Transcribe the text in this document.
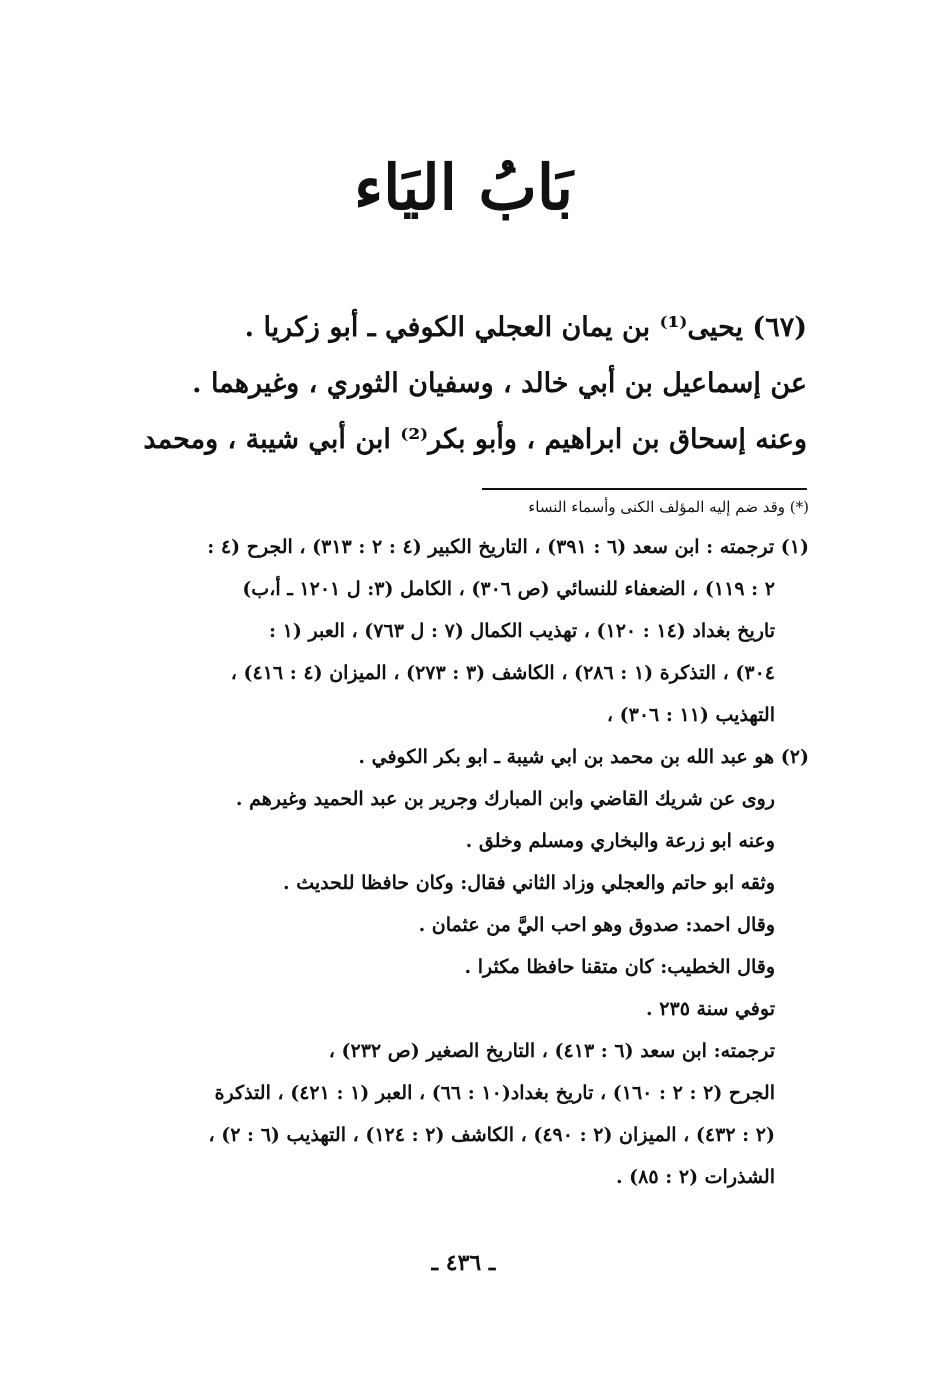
بَابُ اليَاء
(٦٧) يحيى⁽¹⁾ بن يمان العجلي الكوفي ـ أبو زكريا .
عن إسماعيل بن أبي خالد ، وسفيان الثوري ، وغيرهما .
وعنه إسحاق بن ابراهيم ، وأبو بكر⁽²⁾ ابن أبي شيبة ، ومحمد
(*) وقد ضم إليه المؤلف الكنى وأسماء النساء
(١) ترجمته : ابن سعد (٦ : ٣٩١) ، التاريخ الكبير (٤ : ٢ : ٣١٣) ، الجرح (٤ :
٢ : ١١٩) ، الضعفاء للنسائي (ص ٣٠٦) ، الكامل (٣: ل ١٢٠١ ـ أ،ب)
تاريخ بغداد (١٤ : ١٢٠) ، تهذيب الكمال (٧ : ل ٧٦٣) ، العبر (١ :
٣٠٤) ، التذكرة (١ : ٢٨٦) ، الكاشف (٣ : ٢٧٣) ، الميزان (٤ : ٤١٦) ،
التهذيب (١١ : ٣٠٦) ،
(٢) هو عبد الله بن محمد بن ابي شيبة ـ ابو بكر الكوفي .
روى عن شريك القاضي وابن المبارك وجرير بن عبد الحميد وغيرهم .
وعنه ابو زرعة والبخاري ومسلم وخلق .
وثقه ابو حاتم والعجلي وزاد الثاني فقال: وكان حافظا للحديث .
وقال احمد: صدوق وهو احب اليَّ من عثمان .
وقال الخطيب: كان متقنا حافظا مكثرا .
توفي سنة ٢٣٥ .
ترجمته: ابن سعد (٦ : ٤١٣) ، التاريخ الصغير (ص ٢٣٢) ،
الجرح (٢ : ٢ : ١٦٠) ، تاريخ بغداد(١٠ : ٦٦) ، العبر (١ : ٤٢١) ، التذكرة
(٢ : ٤٣٢) ، الميزان (٢ : ٤٩٠) ، الكاشف (٢ : ١٢٤) ، التهذيب (٦ : ٢) ،
الشذرات (٢ : ٨٥) .
ـ ٤٣٦ ـ
